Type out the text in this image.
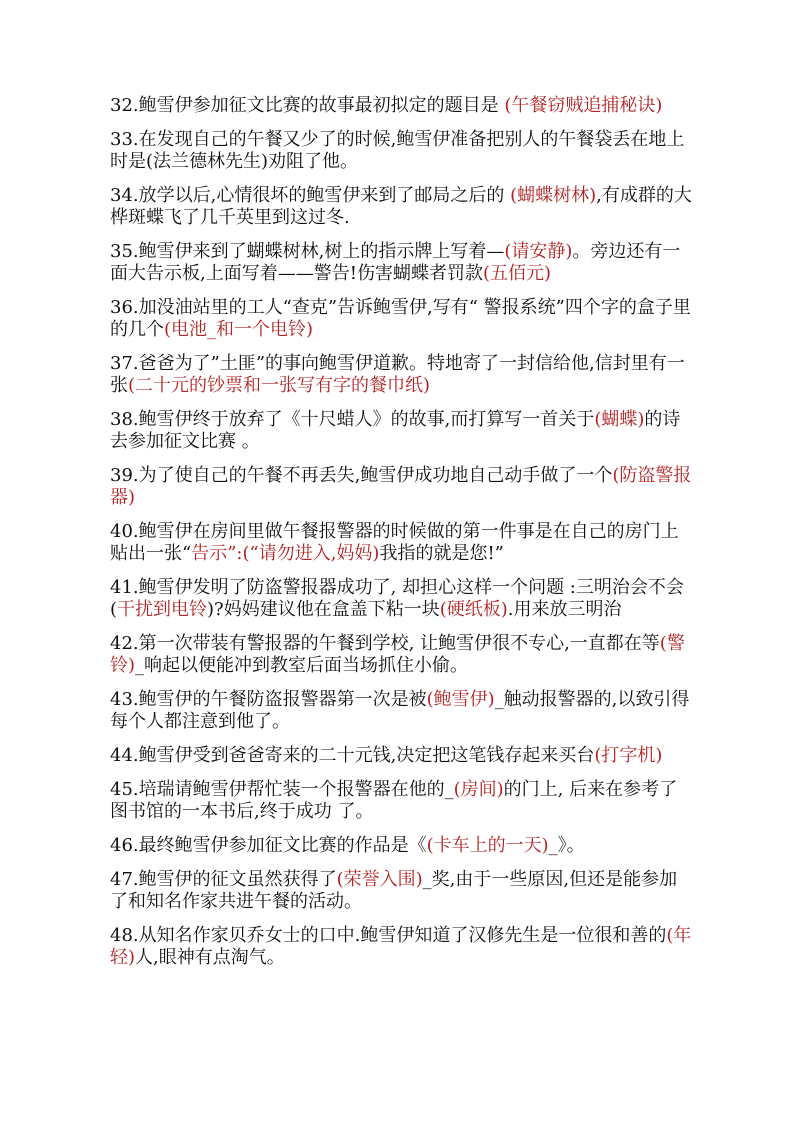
32.鲍雪伊参加征文比赛的故事最初拟定的题目是 (午餐窃贼追捕秘诀)

33.在发现自己的午餐又少了的时候,鲍雪伊准备把别人的午餐袋丢在地上时是(法兰德林先生)劝阻了他。

34.放学以后,心情很坏的鲍雪伊来到了邮局之后的 (蝴蝶树林),有成群的大桦斑蝶飞了几千英里到这过冬.

35.鲍雪伊来到了蝴蝶树林,树上的指示牌上写着—(请安静)。旁边还有一面大告示板,上面写着——警告!伤害蝴蝶者罚款(五佰元)

36.加没油站里的工人“查克”告诉鲍雪伊,写有“ 警报系统”四个字的盒子里的几个(电池_和一个电铃)

37.爸爸为了”土匪”的事向鲍雪伊道歉。特地寄了一封信给他,信封里有一张(二十元的钞票和一张写有字的餐巾纸)

38.鲍雪伊终于放弃了《十尺蜡人》的故事,而打算写一首关于(蝴蝶)的诗去参加征文比赛 。

39.为了使自己的午餐不再丢失,鲍雪伊成功地自己动手做了一个(防盗警报器)

40.鲍雪伊在房间里做午餐报警器的时候做的第一件事是在自己的房门上贴出一张“告示”:(“请勿进入,妈妈)我指的就是您!”

41.鲍雪伊发明了防盗警报器成功了, 却担心这样一个问题 :三明治会不会(干扰到电铃)?妈妈建议他在盒盖下粘一块(硬纸板).用来放三明治

42.第一次带装有警报器的午餐到学校, 让鲍雪伊很不专心,一直都在等(警铃)_响起以便能冲到教室后面当场抓住小偷。

43.鲍雪伊的午餐防盗报警器第一次是被(鲍雪伊)_触动报警器的,以致引得每个人都注意到他了。

44.鲍雪伊受到爸爸寄来的二十元钱,决定把这笔钱存起来买台(打字机)

45.培瑞请鲍雪伊帮忙装一个报警器在他的_(房间)的门上, 后来在参考了图书馆的一本书后,终于成功 了。

46.最终鲍雪伊参加征文比赛的作品是《(卡车上的一天)_》。

47.鲍雪伊的征文虽然获得了(荣誉入围)_奖,由于一些原因,但还是能参加了和知名作家共进午餐的活动。

48.从知名作家贝乔女士的口中.鲍雪伊知道了汉修先生是一位很和善的(年轻)人,眼神有点淘气。
